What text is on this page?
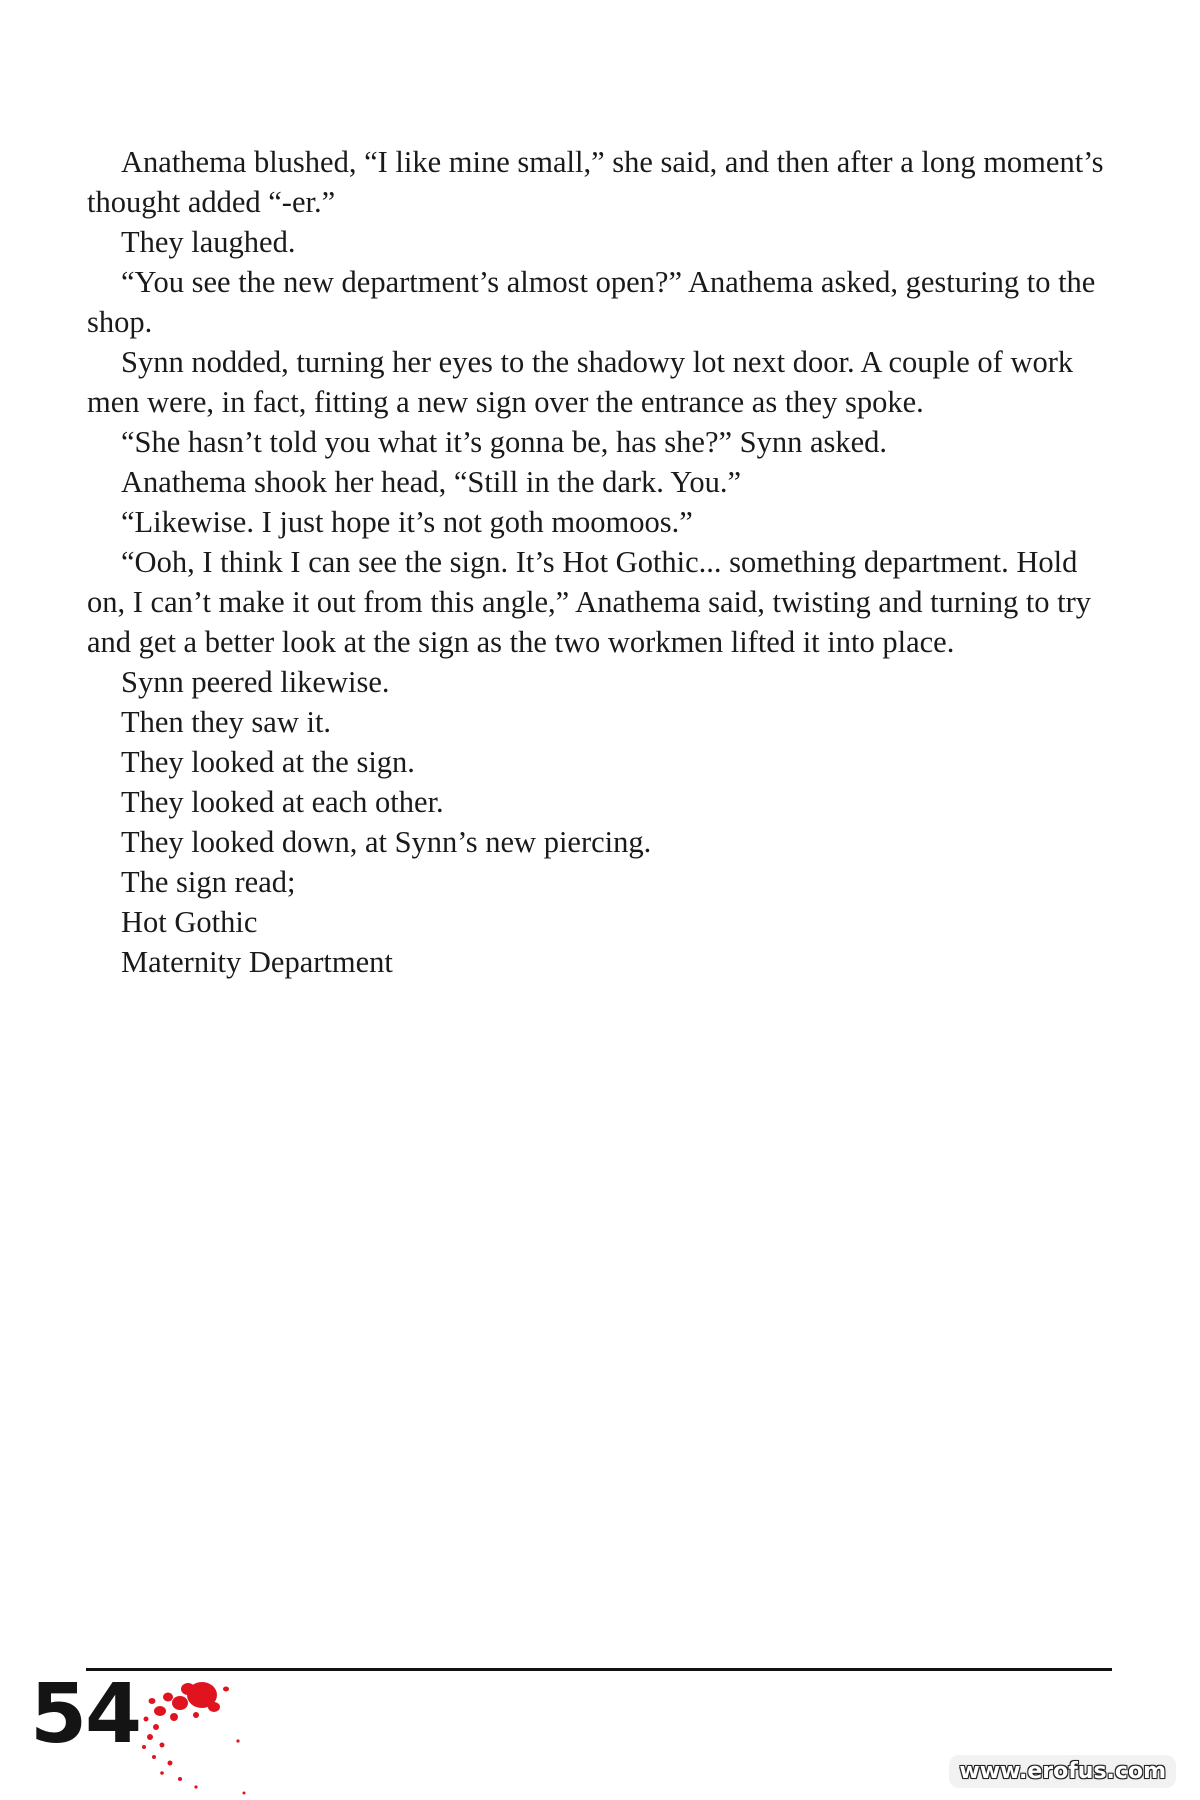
Anathema blushed, “I like mine small,” she said, and then after a long moment’s thought added “-er.”

They laughed.

“You see the new department’s almost open?” Anathema asked, gesturing to the shop.

Synn nodded, turning her eyes to the shadowy lot next door. A couple of work men were, in fact, fitting a new sign over the entrance as they spoke.

“She hasn’t told you what it’s gonna be, has she?” Synn asked.

Anathema shook her head, “Still in the dark. You.”

“Likewise. I just hope it’s not goth moomoos.”

“Ooh, I think I can see the sign. It’s Hot Gothic... something department. Hold on, I can’t make it out from this angle,” Anathema said, twisting and turning to try and get a better look at the sign as the two workmen lifted it into place.

Synn peered likewise.

Then they saw it.

They looked at the sign.

They looked at each other.

They looked down, at Synn’s new piercing.

The sign read;

Hot Gothic

Maternity Department

54
www.erofus.com
